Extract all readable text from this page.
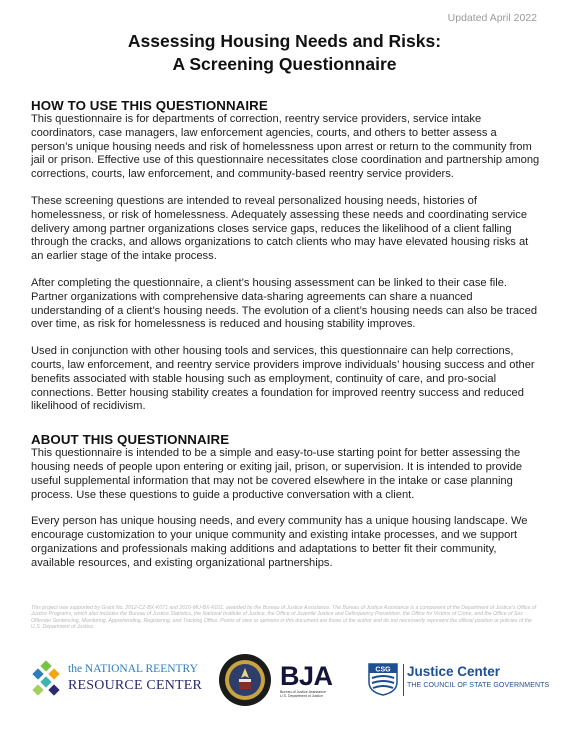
Updated April 2022
Assessing Housing Needs and Risks:
A Screening Questionnaire
HOW TO USE THIS QUESTIONNAIRE

This questionnaire is for departments of correction, reentry service providers, service intake coordinators, case managers, law enforcement agencies, courts, and others to better assess a person’s unique housing needs and risk of homelessness upon arrest or return to the community from jail or prison. Effective use of this questionnaire necessitates close coordination and partnership among corrections, courts, law enforcement, and community-based reentry service providers.

These screening questions are intended to reveal personalized housing needs, histories of homelessness, or risk of homelessness. Adequately assessing these needs and coordinating service delivery among partner organizations closes service gaps, reduces the likelihood of a client falling through the cracks, and allows organizations to catch clients who may have elevated housing risks at an earlier stage of the intake process.

After completing the questionnaire, a client’s housing assessment can be linked to their case file. Partner organizations with comprehensive data-sharing agreements can share a nuanced understanding of a client’s housing needs. The evolution of a client’s housing needs can also be traced over time, as risk for homelessness is reduced and housing stability improves.

Used in conjunction with other housing tools and services, this questionnaire can help corrections, courts, law enforcement, and reentry service providers improve individuals’ housing success and other benefits associated with stable housing such as employment, continuity of care, and pro-social connections. Better housing stability creates a foundation for improved reentry success and reduced likelihood of recidivism.

ABOUT THIS QUESTIONNAIRE

This questionnaire is intended to be a simple and easy-to-use starting point for better assessing the housing needs of people upon entering or exiting jail, prison, or supervision. It is intended to provide useful supplemental information that may not be covered elsewhere in the intake or case planning process. Use these questions to guide a productive conversation with a client.

Every person has unique housing needs, and every community has a unique housing landscape. We encourage customization to your unique community and existing intake processes, and we support organizations and professionals making additions and adaptations to better fit their community, available resources, and existing organizational partnerships.

This project was supported by Grant No. 2012-CZ-BX-K071 and 2016-MU-BX-K011, awarded by the Bureau of Justice Assistance. The Bureau of Justice Assistance is a component of the Department of Justice’s Office of Justice Programs, which also includes the Bureau of Justice Statistics, the National Institute of Justice, the Office of Juvenile Justice and Delinquency Prevention, the Office for Victims of Crime, and the Office of Sex Offender Sentencing, Monitoring, Apprehending, Registering, and Tracking Office. Points of view or opinions in this document are those of the author and do not necessarily represent the official position or policies of the U.S. Department of Justice.
the NATIONAL REENTRY
RESOURCE CENTER	BJA
Bureau of Justice Assistance
U.S. Department of Justice
CSG Justice Center
THE COUNCIL OF STATE GOVERNMENTS
